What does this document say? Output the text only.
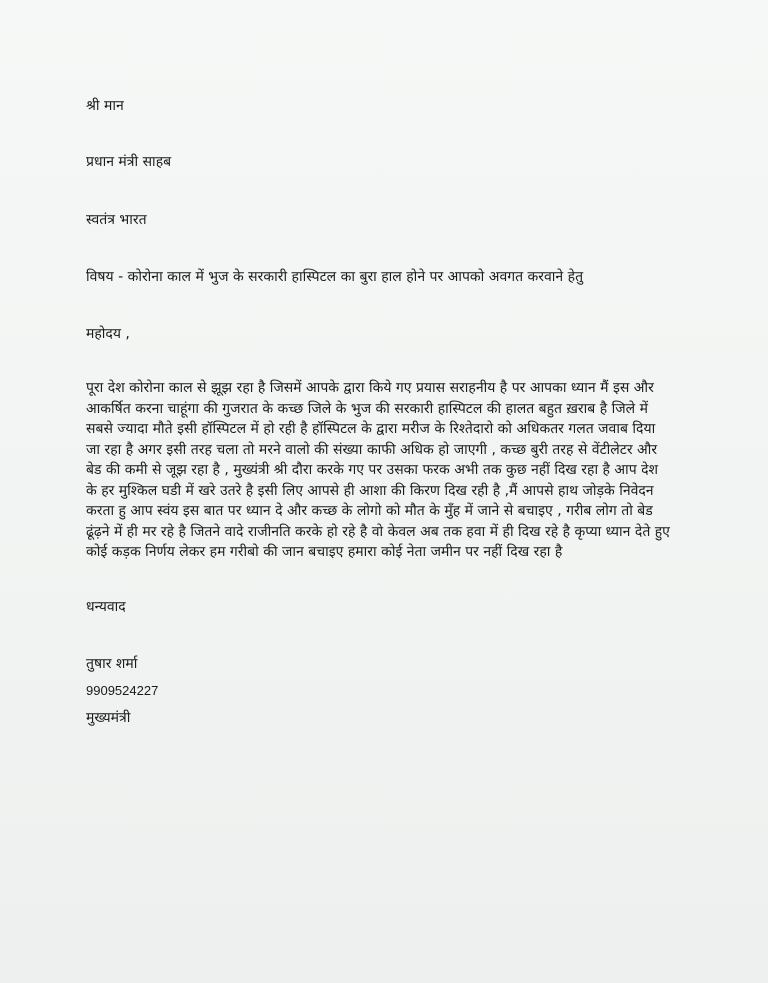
श्री मान
प्रधान मंत्री साहब
स्वतंत्र भारत
विषय - कोरोना काल में भुज के सरकारी हास्पिटल का बुरा हाल होने पर आपको अवगत करवाने हेतु
महोदय ,
पूरा देश कोरोना काल से झूझ रहा है जिसमें आपके द्वारा किये गए प्रयास सराहनीय है पर आपका ध्यान मैं इस और
आकर्षित करना चाहूंगा की गुजरात के कच्छ जिले के भुज की सरकारी हास्पिटल की हालत बहुत ख़राब है जिले में
सबसे ज्यादा मौते इसी हॉस्पिटल में हो रही है हॉस्पिटल के द्वारा मरीज के रिश्तेदारो को अधिकतर गलत जवाब दिया
जा रहा है अगर इसी तरह चला तो मरने वालो की संख्या काफी अधिक हो जाएगी , कच्छ बुरी तरह से वेंटीलेटर और
बेड की कमी से जूझ रहा है , मुख्यंत्री श्री दौरा करके गए पर उसका फरक अभी तक कुछ नहीं दिख रहा है आप देश
के हर मुश्किल घडी में खरे उतरे है इसी लिए आपसे ही आशा की किरण दिख रही है ,मैं आपसे हाथ जोड़के निवेदन
करता हु आप स्वंय इस बात पर ध्यान दे और कच्छ के लोगो को मौत के मुँह में जाने से बचाइए , गरीब लोग तो बेड
ढूंढ़ने में ही मर रहे है जितने वादे राजीनति करके हो रहे है वो केवल अब तक हवा में ही दिख रहे है कृप्या ध्यान देते हुए
कोई कड़क निर्णय लेकर हम गरीबो की जान बचाइए हमारा कोई नेता जमीन पर नहीं दिख रहा है
धन्यवाद
तुषार शर्मा
9909524227
मुख्यमंत्री
